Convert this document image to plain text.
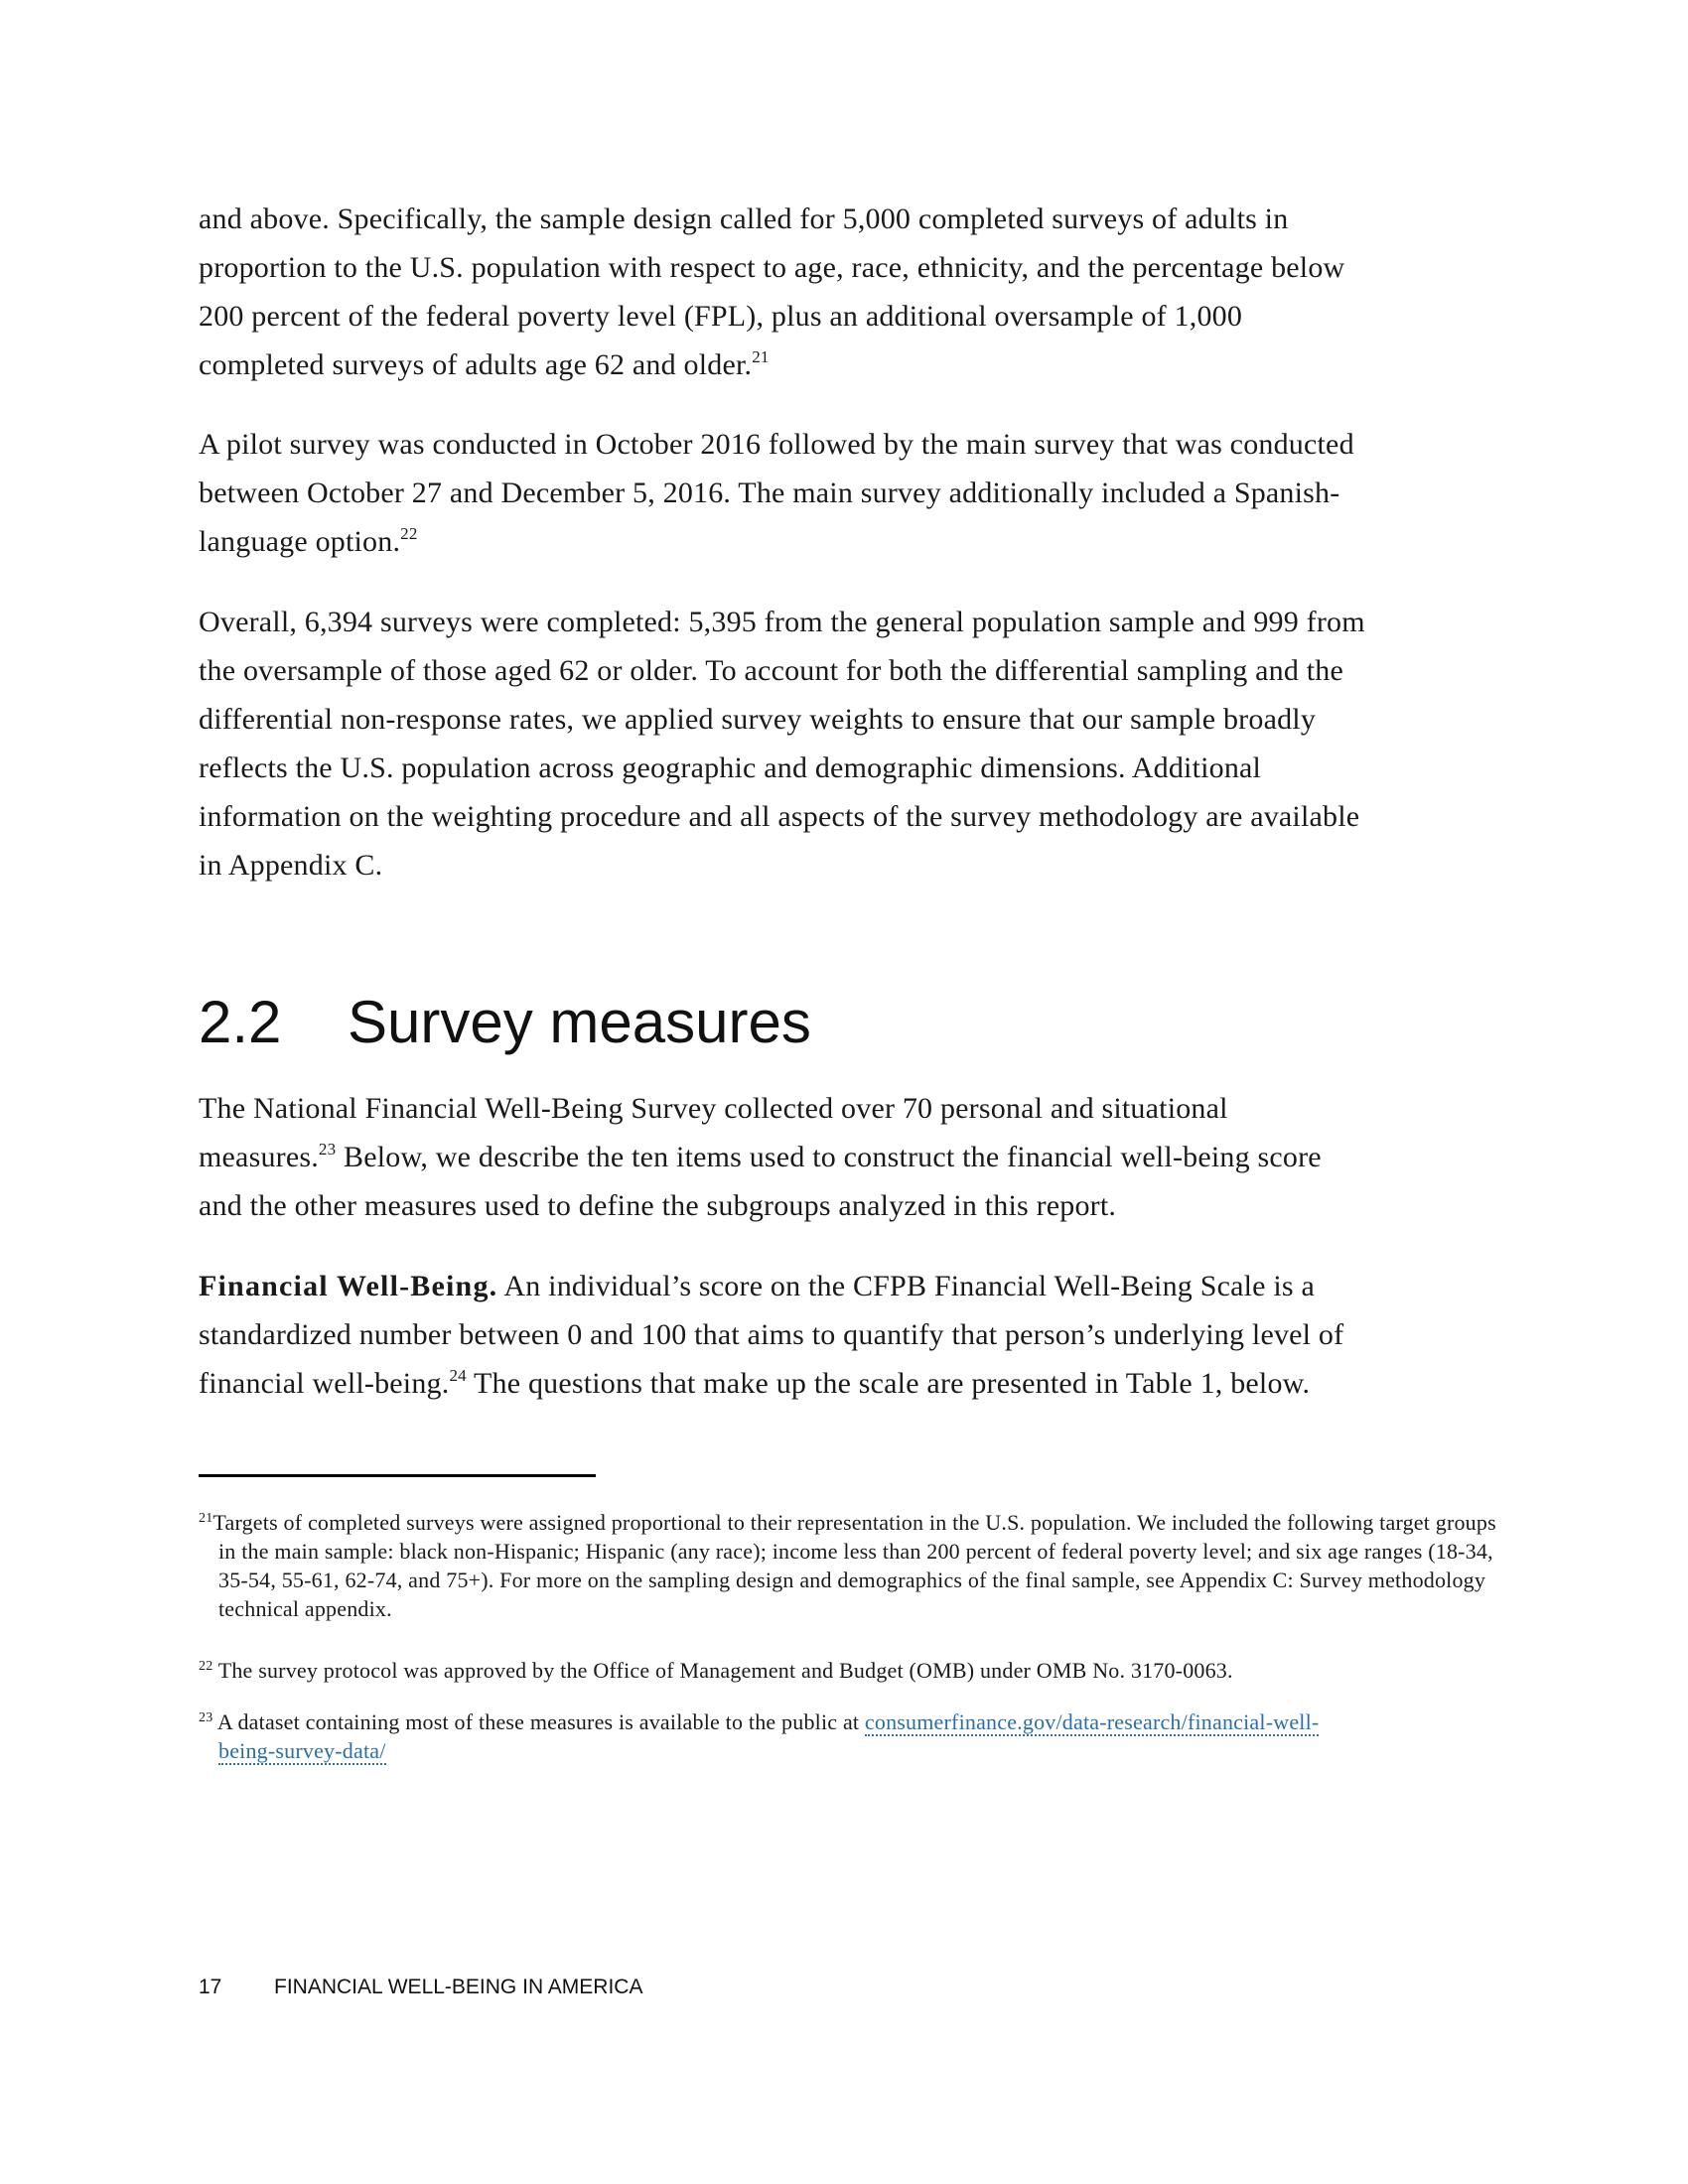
and above. Specifically, the sample design called for 5,000 completed surveys of adults in
proportion to the U.S. population with respect to age, race, ethnicity, and the percentage below
200 percent of the federal poverty level (FPL), plus an additional oversample of 1,000
completed surveys of adults age 62 and older.$^{21}$

A pilot survey was conducted in October 2016 followed by the main survey that was conducted
between October 27 and December 5, 2016. The main survey additionally included a Spanish-
language option.$^{22}$

Overall, 6,394 surveys were completed: 5,395 from the general population sample and 999 from
the oversample of those aged 62 or older. To account for both the differential sampling and the
differential non-response rates, we applied survey weights to ensure that our sample broadly
reflects the U.S. population across geographic and demographic dimensions. Additional
information on the weighting procedure and all aspects of the survey methodology are available
in Appendix C.

2.2 Survey measures

The National Financial Well-Being Survey collected over 70 personal and situational
measures.$^{23}$ Below, we describe the ten items used to construct the financial well-being score
and the other measures used to define the subgroups analyzed in this report.

Financial Well-Being. An individual’s score on the CFPB Financial Well-Being Scale is a
standardized number between 0 and 100 that aims to quantify that person’s underlying level of
financial well-being.$^{24}$ The questions that make up the scale are presented in Table 1, below.

$^{21}$Targets of completed surveys were assigned proportional to their representation in the U.S. population. We included the following target groups in the main sample: black non-Hispanic; Hispanic (any race); income less than 200 percent of federal poverty level; and six age ranges (18-34, 35-54, 55-61, 62-74, and 75+). For more on the sampling design and demographics of the final sample, see Appendix C: Survey methodology technical appendix.

$^{22}$ The survey protocol was approved by the Office of Management and Budget (OMB) under OMB No. 3170-0063.

$^{23}$ A dataset containing most of these measures is available to the public at consumerfinance.gov/data-research/financial-well-being-survey-data/

17	FINANCIAL WELL-BEING IN AMERICA
